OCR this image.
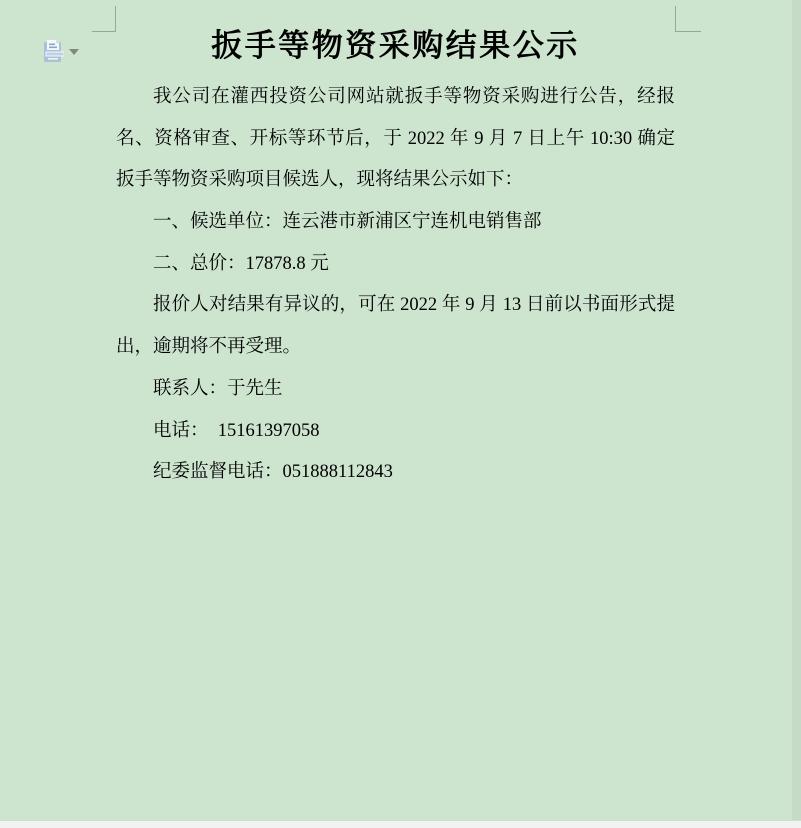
扳手等物资采购结果公示
我公司在灌西投资公司网站就扳手等物资采购进行公告，经报
名、资格审查、开标等环节后，于 2022 年 9 月 7 日上午 10:30 确定
扳手等物资采购项目候选人，现将结果公示如下：
一、候选单位：连云港市新浦区宁连机电销售部
二、总价：17878.8 元
报价人对结果有异议的，可在 2022 年 9 月 13 日前以书面形式提
出，逾期将不再受理。
联系人：于先生
电话：  15161397058
纪委监督电话：051888112843
